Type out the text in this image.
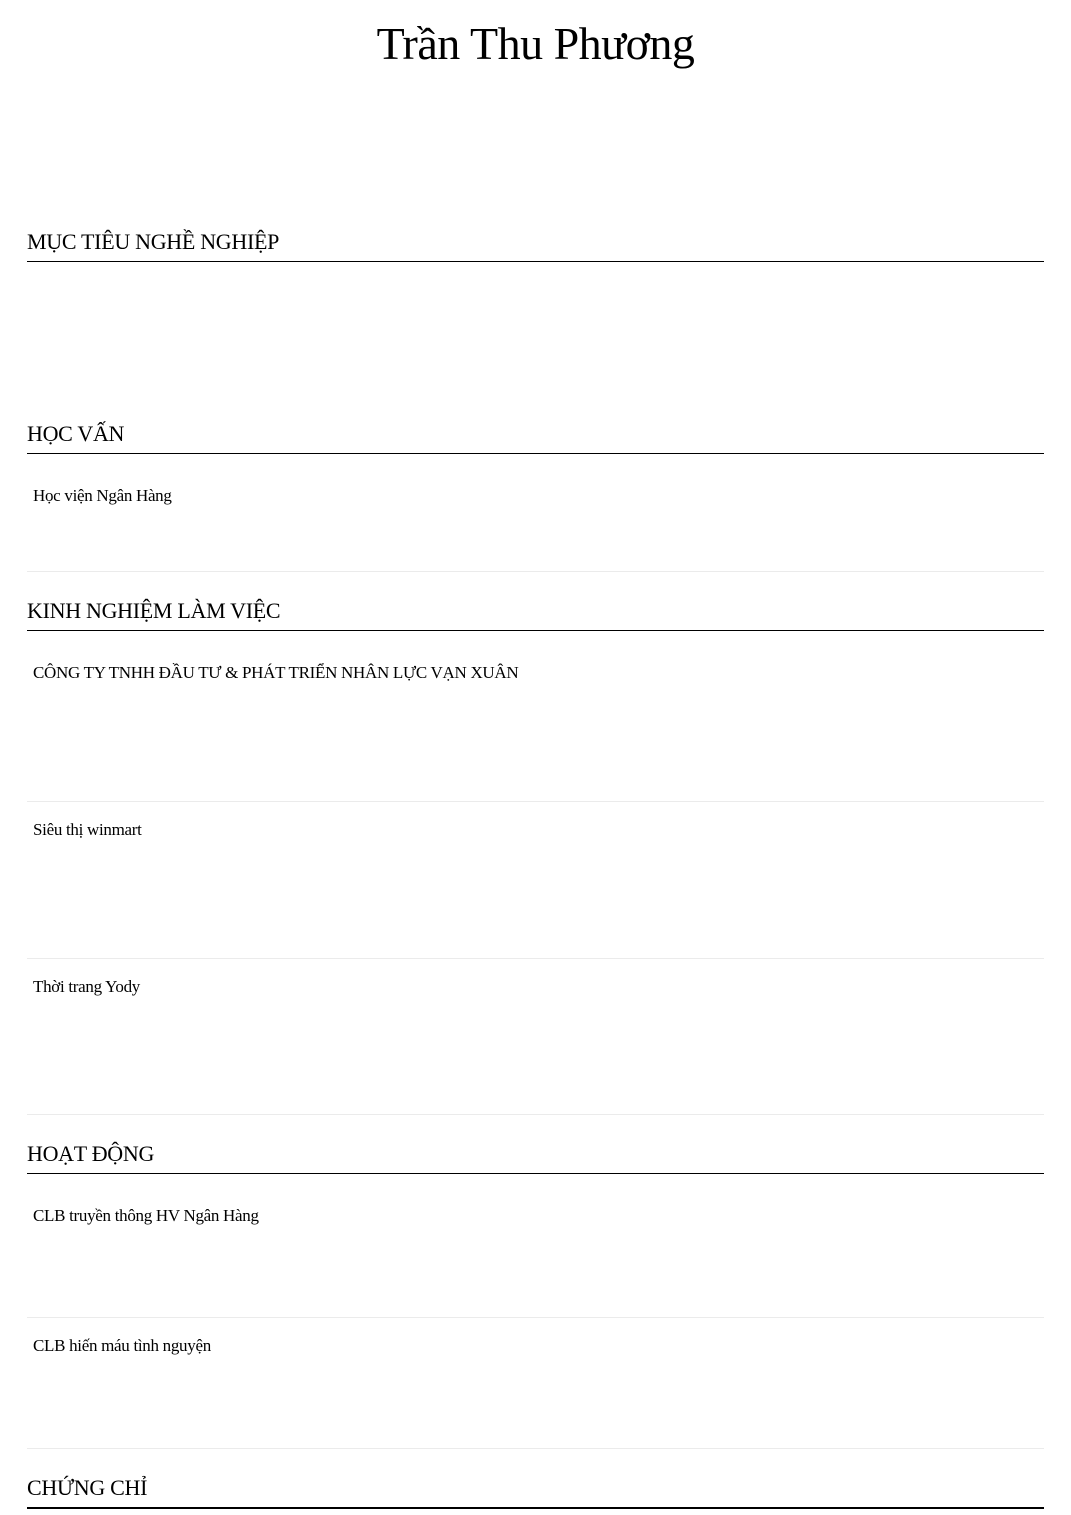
Trần Thu Phương
MỤC TIÊU NGHỀ NGHIỆP
HỌC VẤN
Học viện Ngân Hàng
KINH NGHIỆM LÀM VIỆC
CÔNG TY TNHH ĐẦU TƯ & PHÁT TRIỂN NHÂN LỰC VẠN XUÂN
Siêu thị winmart
Thời trang Yody
HOẠT ĐỘNG
CLB truyền thông HV Ngân Hàng
CLB hiến máu tình nguyện
CHỨNG CHỈ
